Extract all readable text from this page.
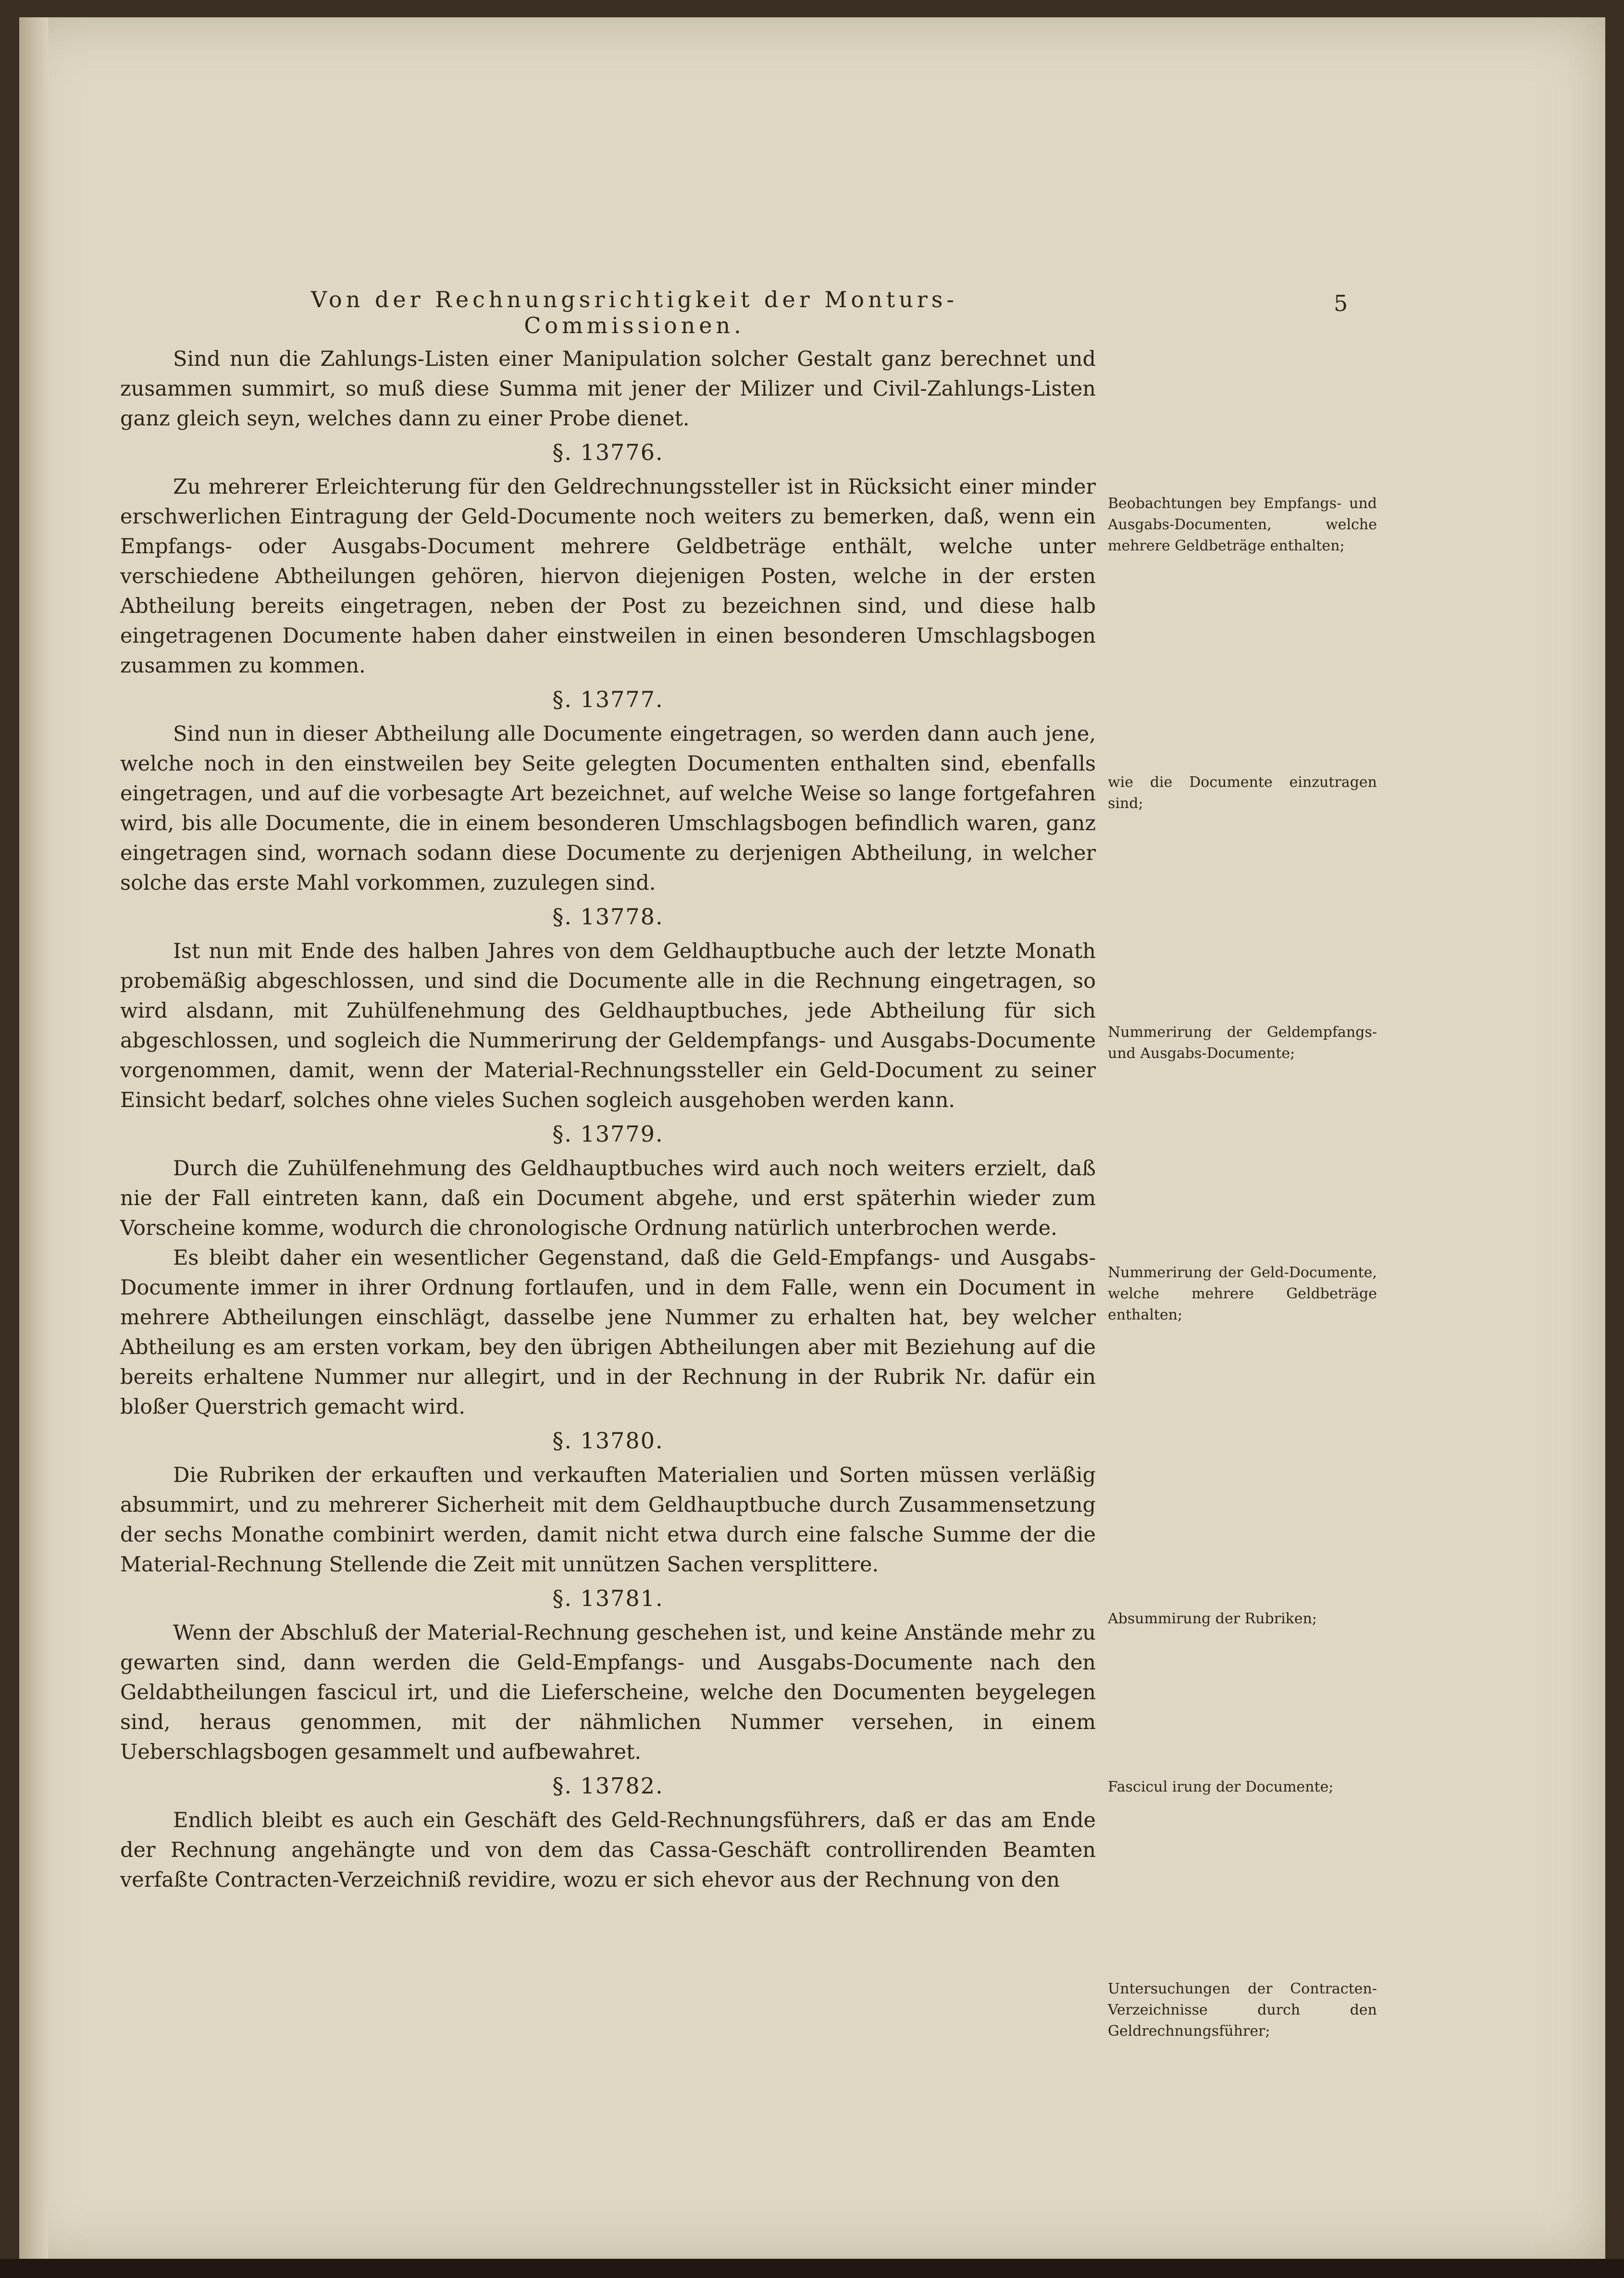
Von der Rechnungsrichtigkeit der Monturs-Commissionen.
5

Sind nun die Zahlungs-Listen einer Manipulation solcher Gestalt ganz berechnet und zusammen summirt, so muß diese Summa mit jener der Milizer und Civil-Zahlungs-Listen ganz gleich seyn, welches dann zu einer Probe dienet.

§. 13776.

Zu mehrerer Erleichterung für den Geldrechnungssteller ist in Rücksicht einer minder erschwerlichen Eintragung der Geld-Documente noch weiters zu bemerken, daß, wenn ein Empfangs- oder Ausgabs-Document mehrere Geldbeträge enthält, welche unter verschiedene Abtheilungen gehören, hiervon diejenigen Posten, welche in der ersten Abtheilung bereits eingetragen, neben der Post zu bezeichnen sind, und diese halb eingetragenen Documente haben daher einstweilen in einen besonderen Umschlagsbogen zusammen zu kommen.

§. 13777.

Sind nun in dieser Abtheilung alle Documente eingetragen, so werden dann auch jene, welche noch in den einstweilen bey Seite gelegten Documenten enthalten sind, ebenfalls eingetragen, und auf die vorbesagte Art bezeichnet, auf welche Weise so lange fortgefahren wird, bis alle Documente, die in einem besonderen Umschlagsbogen befindlich waren, ganz eingetragen sind, wornach sodann diese Documente zu derjenigen Abtheilung, in welcher solche das erste Mahl vorkommen, zuzulegen sind.

§. 13778.

Ist nun mit Ende des halben Jahres von dem Geldhauptbuche auch der letzte Monath probemäßig abgeschlossen, und sind die Documente alle in die Rechnung eingetragen, so wird alsdann, mit Zuhülfenehmung des Geldhauptbuches, jede Abtheilung für sich abgeschlossen, und sogleich die Nummerirung der Geldempfangs- und Ausgabs-Documente vorgenommen, damit, wenn der Material-Rechnungssteller ein Geld-Document zu seiner Einsicht bedarf, solches ohne vieles Suchen sogleich ausgehoben werden kann.

§. 13779.

Durch die Zuhülfenehmung des Geldhauptbuches wird auch noch weiters erzielt, daß nie der Fall eintreten kann, daß ein Document abgehe, und erst späterhin wieder zum Vorscheine komme, wodurch die chronologische Ordnung natürlich unterbrochen werde.

Es bleibt daher ein wesentlicher Gegenstand, daß die Geld-Empfangs- und Ausgabs-Documente immer in ihrer Ordnung fortlaufen, und in dem Falle, wenn ein Document in mehrere Abtheilungen einschlägt, dasselbe jene Nummer zu erhalten hat, bey welcher Abtheilung es am ersten vorkam, bey den übrigen Abtheilungen aber mit Beziehung auf die bereits erhaltene Nummer nur allegirt, und in der Rechnung in der Rubrik Nr. dafür ein bloßer Querstrich gemacht wird.

§. 13780.

Die Rubriken der erkauften und verkauften Materialien und Sorten müssen verläßig absummirt, und zu mehrerer Sicherheit mit dem Geldhauptbuche durch Zusammensetzung der sechs Monathe combinirt werden, damit nicht etwa durch eine falsche Summe der die Material-Rechnung Stellende die Zeit mit unnützen Sachen versplittere.

§. 13781.

Wenn der Abschluß der Material-Rechnung geschehen ist, und keine Anstände mehr zu gewarten sind, dann werden die Geld-Empfangs- und Ausgabs-Documente nach den Geldabtheilungen fascicul irt, und die Lieferscheine, welche den Documenten beygelegen sind, heraus genommen, mit der nähmlichen Nummer versehen, in einem Ueberschlagsbogen gesammelt und aufbewahret.

§. 13782.

Endlich bleibt es auch ein Geschäft des Geld-Rechnungsführers, daß er das am Ende der Rechnung angehängte und von dem das Cassa-Geschäft controllirenden Beamten verfaßte Contracten-Verzeichniß revidire, wozu er sich ehevor aus der Rechnung von den

Beobachtungen bey Empfangs- und Ausgabs-Documenten, welche mehrere Geldbeträge enthalten;
wie die Documente einzutragen sind;
Nummerirung der Geldempfangs- und Ausgabs-Documente;
Nummerirung der Geld-Documente, welche mehrere Geldbeträge enthalten;
Absummirung der Rubriken;
Fascicul irung der Documente;
Untersuchungen der Contracten-Verzeichnisse durch den Geldrechnungsführer;
